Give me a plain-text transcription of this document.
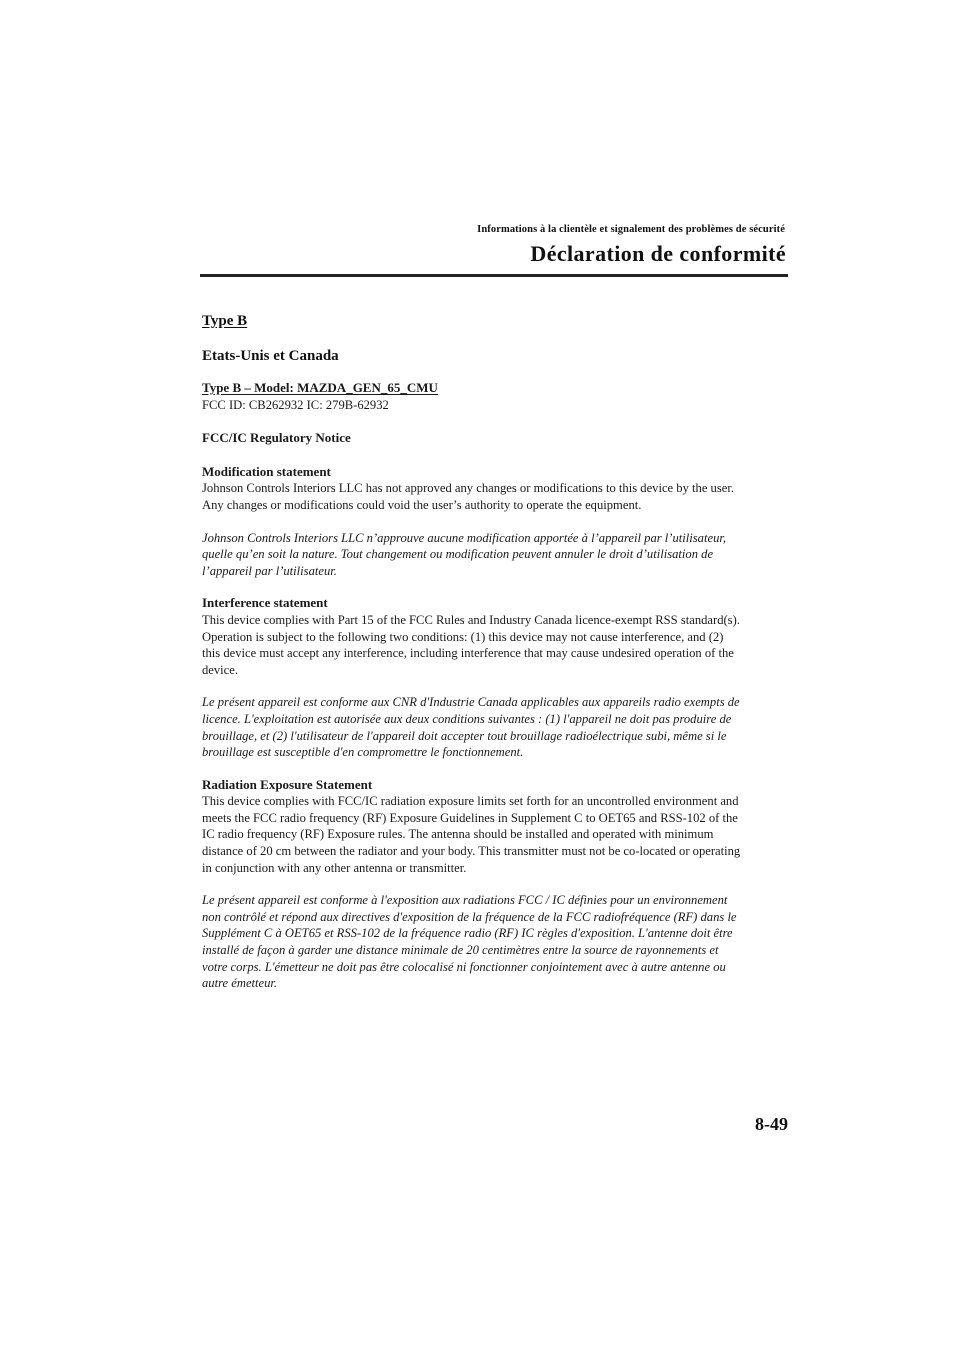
Informations à la clientèle et signalement des problèmes de sécurité
Déclaration de conformité
Type B
Etats-Unis et Canada

Type B – Model: MAZDA_GEN_65_CMU

FCC ID: CB262932 IC: 279B-62932

FCC/IC Regulatory Notice

Modification statement

Johnson Controls Interiors LLC has not approved any changes or modifications to this device by the user. Any changes or modifications could void the user’s authority to operate the equipment.

Johnson Controls Interiors LLC n’approuve aucune modification apportée à l’appareil par l’utilisateur, quelle qu’en soit la nature. Tout changement ou modification peuvent annuler le droit d’utilisation de l’appareil par l’utilisateur.

Interference statement

This device complies with Part 15 of the FCC Rules and Industry Canada licence-exempt RSS standard(s). Operation is subject to the following two conditions: (1) this device may not cause interference, and (2) this device must accept any interference, including interference that may cause undesired operation of the device.

Le présent appareil est conforme aux CNR d'Industrie Canada applicables aux appareils radio exempts de licence. L'exploitation est autorisée aux deux conditions suivantes : (1) l'appareil ne doit pas produire de brouillage, et (2) l'utilisateur de l'appareil doit accepter tout brouillage radioélectrique subi, même si le brouillage est susceptible d'en compromettre le fonctionnement.

Radiation Exposure Statement

This device complies with FCC/IC radiation exposure limits set forth for an uncontrolled environment and meets the FCC radio frequency (RF) Exposure Guidelines in Supplement C to OET65 and RSS-102 of the IC radio frequency (RF) Exposure rules. The antenna should be installed and operated with minimum distance of 20 cm between the radiator and your body. This transmitter must not be co-located or operating in conjunction with any other antenna or transmitter.

Le présent appareil est conforme à l'exposition aux radiations FCC / IC définies pour un environnement non contrôlé et répond aux directives d'exposition de la fréquence de la FCC radiofréquence (RF) dans le Supplément C à OET65 et RSS-102 de la fréquence radio (RF) IC règles d'exposition. L'antenne doit être installé de façon à garder une distance minimale de 20 centimètres entre la source de rayonnements et votre corps. L'émetteur ne doit pas être colocalisé ni fonctionner conjointement avec à autre antenne ou autre émetteur.

8-49
